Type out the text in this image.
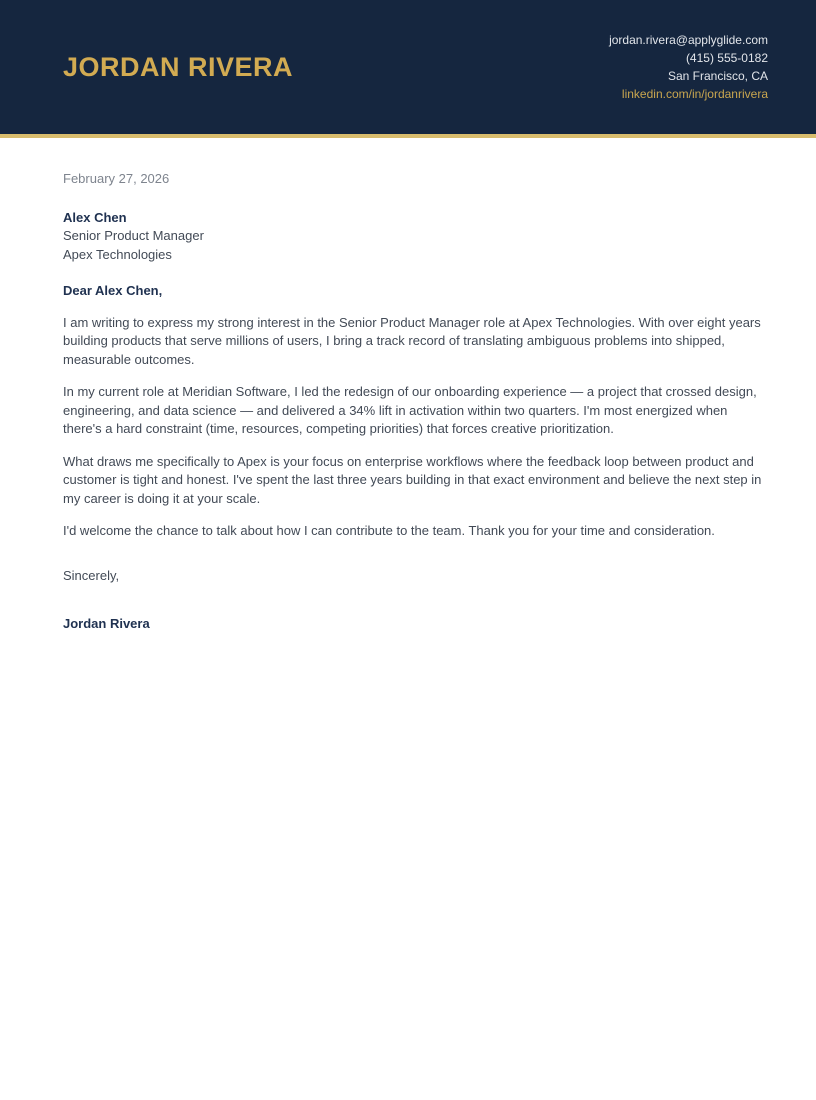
JORDAN RIVERA
jordan.rivera@applyglide.com
(415) 555-0182
San Francisco, CA
linkedin.com/in/jordanrivera

February 27, 2026

Alex Chen

Senior Product Manager

Apex Technologies

Dear Alex Chen,

I am writing to express my strong interest in the Senior Product Manager role at Apex Technologies. With over eight years building products that serve millions of users, I bring a track record of translating ambiguous problems into shipped, measurable outcomes.

In my current role at Meridian Software, I led the redesign of our onboarding experience — a project that crossed design, engineering, and data science — and delivered a 34% lift in activation within two quarters. I'm most energized when there's a hard constraint (time, resources, competing priorities) that forces creative prioritization.

What draws me specifically to Apex is your focus on enterprise workflows where the feedback loop between product and customer is tight and honest. I've spent the last three years building in that exact environment and believe the next step in my career is doing it at your scale.

I'd welcome the chance to talk about how I can contribute to the team. Thank you for your time and consideration.

Sincerely,

Jordan Rivera
